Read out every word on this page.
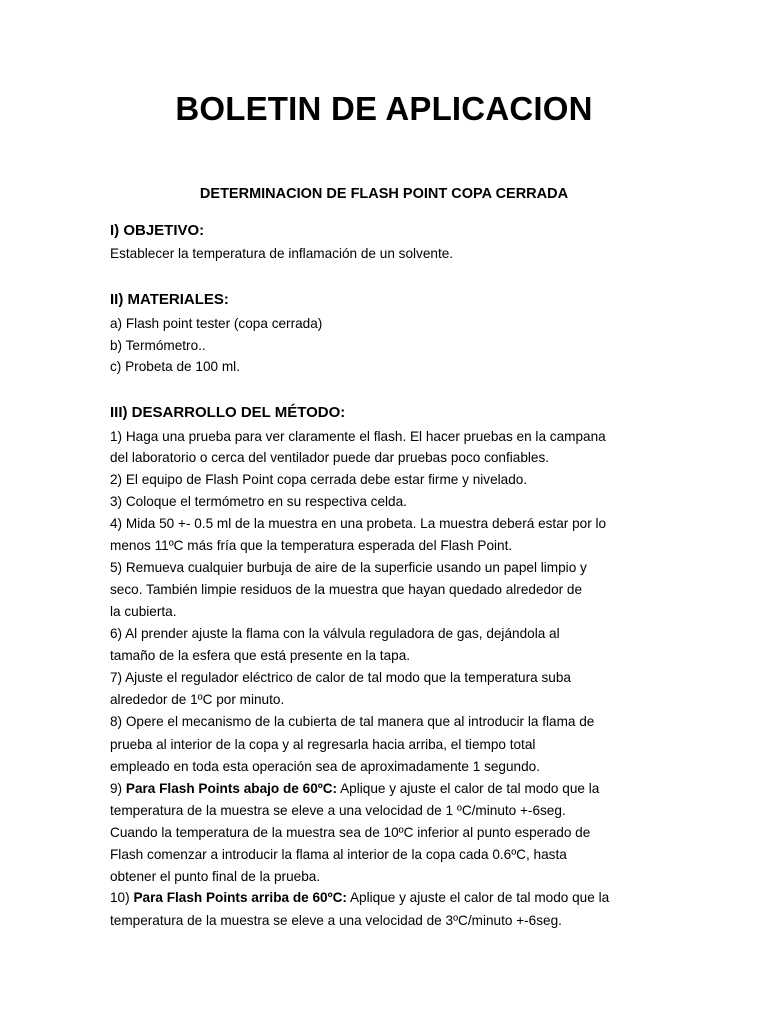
BOLETIN DE APLICACION
DETERMINACION DE FLASH POINT COPA CERRADA
I) OBJETIVO:
Establecer la temperatura de inflamación de un solvente.
II) MATERIALES:
a) Flash point tester (copa cerrada)
b) Termómetro..
c) Probeta de 100 ml.
III) DESARROLLO DEL MÉTODO:
1) Haga una prueba para ver claramente el flash. El hacer pruebas en la campana
del laboratorio o cerca del ventilador puede dar pruebas poco confiables.
2) El equipo de Flash Point copa cerrada debe estar firme y nivelado.
3) Coloque el termómetro en su respectiva celda.
4) Mida 50 +- 0.5 ml de la muestra en una probeta. La muestra deberá estar por lo
menos 11ºC más fría que la temperatura esperada del Flash Point.
5) Remueva cualquier burbuja de aire de la superficie usando un papel limpio y
seco. También limpie residuos de la muestra que hayan quedado alrededor de
la cubierta.
6) Al prender ajuste la flama con la válvula reguladora de gas, dejándola al
tamaño de la esfera que está presente en la tapa.
7) Ajuste el regulador eléctrico de calor de tal modo que la temperatura suba
alrededor de 1ºC por minuto.
8) Opere el mecanismo de la cubierta de tal manera que al introducir la flama de
prueba al interior de la copa y al regresarla hacia arriba, el tiempo total
empleado en toda esta operación sea de aproximadamente 1 segundo.
9) Para Flash Points abajo de 60ºC: Aplique y ajuste el calor de tal modo que la
temperatura de la muestra se eleve a una velocidad de 1 ºC/minuto +-6seg.
Cuando la temperatura de la muestra sea de 10ºC inferior al punto esperado de
Flash comenzar a introducir la flama al interior de la copa cada 0.6ºC, hasta
obtener el punto final de la prueba.
10) Para Flash Points arriba de 60ºC: Aplique y ajuste el calor de tal modo que la
temperatura de la muestra se eleve a una velocidad de 3ºC/minuto +-6seg.
